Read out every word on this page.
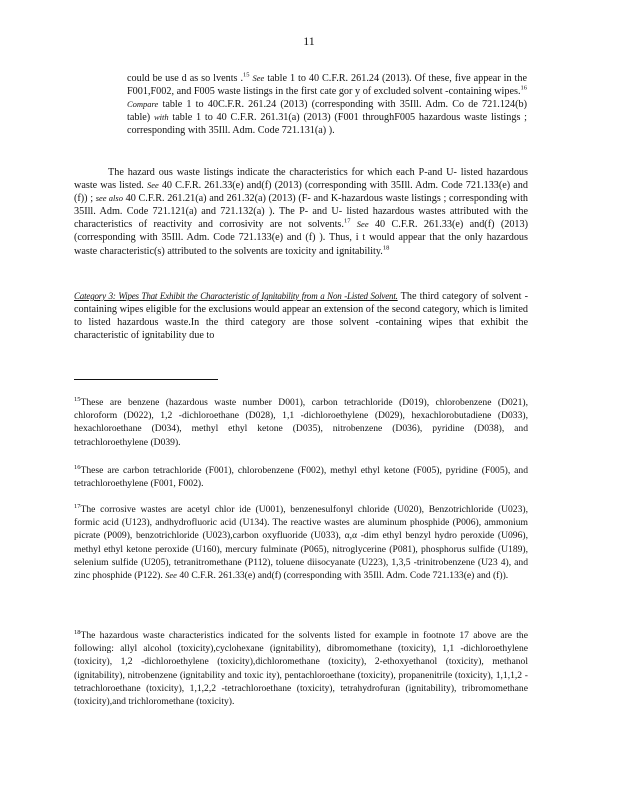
11

could be use d as so lvents .$^{15}$ See table 1 to 40 C.F.R. 261.24 (2013). Of these, five appear in the F001,F002, and F005 waste listings in the first cate gor y of excluded solvent -containing wipes.$^{16}$ Compare table 1 to 40C.F.R. 261.24 (2013) (corresponding with 35Ill. Adm. Co de 721.124(b) table) with table 1 to 40 C.F.R. 261.31(a) (2013) (F001 throughF005 hazardous waste listings ; corresponding with 35Ill. Adm. Code 721.131(a) ).

The hazard ous waste listings indicate the characteristics for which each P-and U- listed hazardous waste was listed. See 40 C.F.R. 261.33(e) and(f) (2013) (corresponding with 35Ill. Adm. Code 721.133(e) and (f)) ; see also 40 C.F.R. 261.21(a) and 261.32(a) (2013) (F- and K-hazardous waste listings ; corresponding with 35Ill. Adm. Code 721.121(a) and 721.132(a) ). The P- and U- listed hazardous wastes attributed with the characteristics of reactivity and corrosivity are not solvents.$^{17}$ See 40 C.F.R. 261.33(e) and(f) (2013) (corresponding with 35Ill. Adm. Code 721.133(e) and (f) ). Thus, i t would appear that the only hazardous waste characteristic(s) attributed to the solvents are toxicity and ignitability.$^{18}$

Category 3: Wipes That Exhibit the Characteristic of Ignitability from a Non -Listed Solvent. The third category of solvent -containing wipes eligible for the exclusions would appear an extension of the second category, which is limited to listed hazardous waste.In the third category are those solvent -containing wipes that exhibit the characteristic of ignitability due to

$^{15}$These are benzene (hazardous waste number D001), carbon tetrachloride (D019), chlorobenzene (D021), chloroform (D022), 1,2 -dichloroethane (D028), 1,1 -dichloroethylene (D029), hexachlorobutadiene (D033), hexachloroethane (D034), methyl ethyl ketone (D035), nitrobenzene (D036), pyridine (D038), and tetrachloroethylene (D039).

$^{16}$These are carbon tetrachloride (F001), chlorobenzene (F002), methyl ethyl ketone (F005), pyridine (F005), and tetrachloroethylene (F001, F002).

$^{17}$The corrosive wastes are acetyl chlor ide (U001), benzenesulfonyl chloride (U020), Benzotrichloride (U023), formic acid (U123), andhydrofluoric acid (U134). The reactive wastes are aluminum phosphide (P006), ammonium picrate (P009), benzotrichloride (U023),carbon oxyfluoride (U033), α,α -dim ethyl benzyl hydro peroxide (U096), methyl ethyl ketone peroxide (U160), mercury fulminate (P065), nitroglycerine (P081), phosphorus sulfide (U189), selenium sulfide (U205), tetranitromethane (P112), toluene diisocyanate (U223), 1,3,5 -trinitrobenzene (U23 4), and zinc phosphide (P122). See 40 C.F.R. 261.33(e) and(f) (corresponding with 35Ill. Adm. Code 721.133(e) and (f)).

$^{18}$The hazardous waste characteristics indicated for the solvents listed for example in footnote 17 above are the following: allyl alcohol (toxicity),cyclohexane (ignitability), dibromomethane (toxicity), 1,1 -dichloroethylene (toxicity), 1,2 -dichloroethylene (toxicity),dichloromethane (toxicity), 2-ethoxyethanol (toxicity), methanol (ignitability), nitrobenzene (ignitability and toxic ity), pentachloroethane (toxicity), propanenitrile (toxicity), 1,1,1,2 -tetrachloroethane (toxicity), 1,1,2,2 -tetrachloroethane (toxicity), tetrahydrofuran (ignitability), tribromomethane (toxicity),and trichloromethane (toxicity).
